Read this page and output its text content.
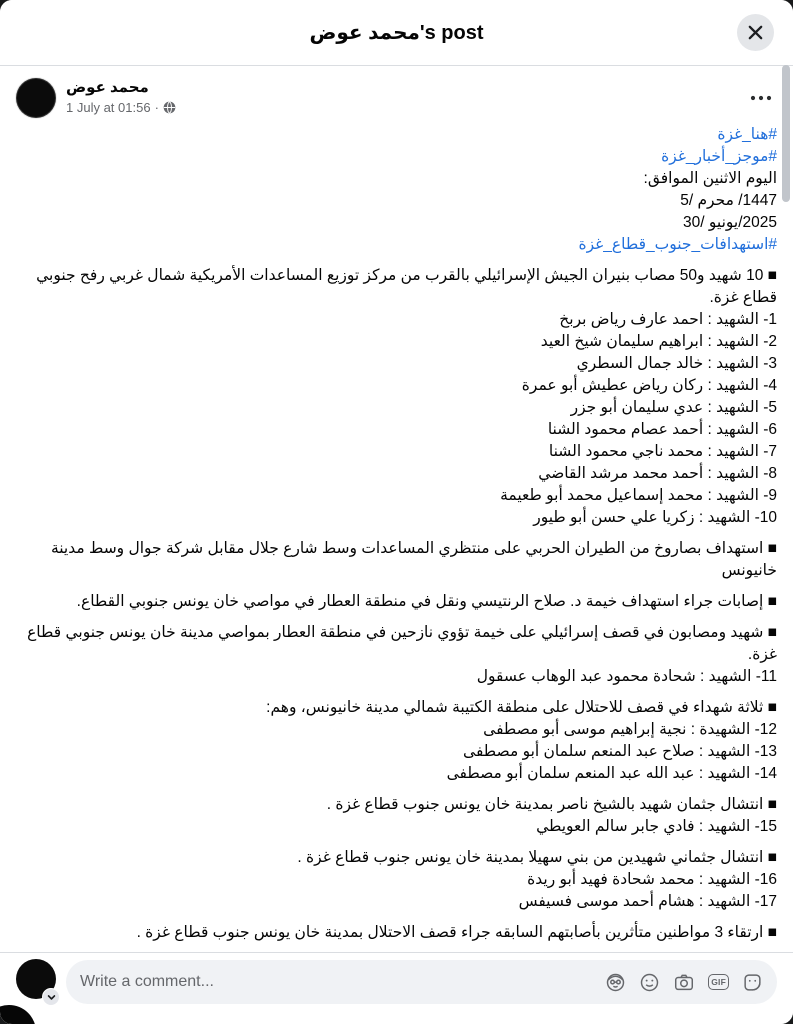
محمد عوض's post
محمد عوض
1 July at 01:56 ·
#هنا_غزة
#موجز_أخبار_غزة
اليوم الاثنين الموافق:
1447/ محرم /5
2025/يونيو /30
#استهدافات_جنوب_قطاع_غزة
■ 10 شهيد و50 مصاب بنيران الجيش الإسرائيلي بالقرب من مركز توزيع المساعدات الأمريكية شمال غربي رفح جنوبي قطاع غزة.
1- الشهيد : احمد عارف رياض بربخ
2- الشهيد : ابراهيم سليمان شيخ العيد
3- الشهيد : خالد جمال السطري
4- الشهيد : ركان رياض عطيش أبو عمرة
5- الشهيد : عدي سليمان أبو جزر
6- الشهيد : أحمد عصام محمود الشنا
7- الشهيد : محمد ناجي محمود الشنا
8- الشهيد : أحمد محمد مرشد القاضي
9- الشهيد : محمد إسماعيل محمد أبو طعيمة
10- الشهيد : زكريا علي حسن أبو طيور
■ استهداف بصاروخ من الطيران الحربي على منتظري المساعدات وسط شارع جلال مقابل شركة جوال وسط مدينة خانيونس
■ إصابات جراء استهداف خيمة د. صلاح الرنتيسي ونقل في منطقة العطار في مواصي خان يونس جنوبي القطاع.
■ شهيد ومصابون في قصف إسرائيلي على خيمة تؤوي نازحين في منطقة العطار بمواصي مدينة خان يونس جنوبي قطاع غزة.
11- الشهيد : شحادة محمود عبد الوهاب عسقول
■ ثلاثة شهداء في قصف للاحتلال على منطقة الكتيبة شمالي مدينة خانيونس، وهم:
12- الشهيدة : نجية إبراهيم موسى أبو مصطفى
13- الشهيد : صلاح عبد المنعم سلمان أبو مصطفى
14- الشهيد : عبد الله عبد المنعم سلمان أبو مصطفى
■ انتشال جثمان شهيد بالشيخ ناصر بمدينة خان يونس جنوب قطاع غزة .
15- الشهيد : فادي جابر سالم العويطي
■ انتشال جثماني شهيدين من بني سهيلا بمدينة خان يونس جنوب قطاع غزة .
16- الشهيد : محمد شحادة فهيد أبو ريدة
17- الشهيد : هشام أحمد موسى فسيفس
■ ارتقاء 3 مواطنين متأثرين بأصابتهم السابقه جراء قصف الاحتلال بمدينة خان يونس جنوب قطاع غزة .
Write a comment...	GIF
